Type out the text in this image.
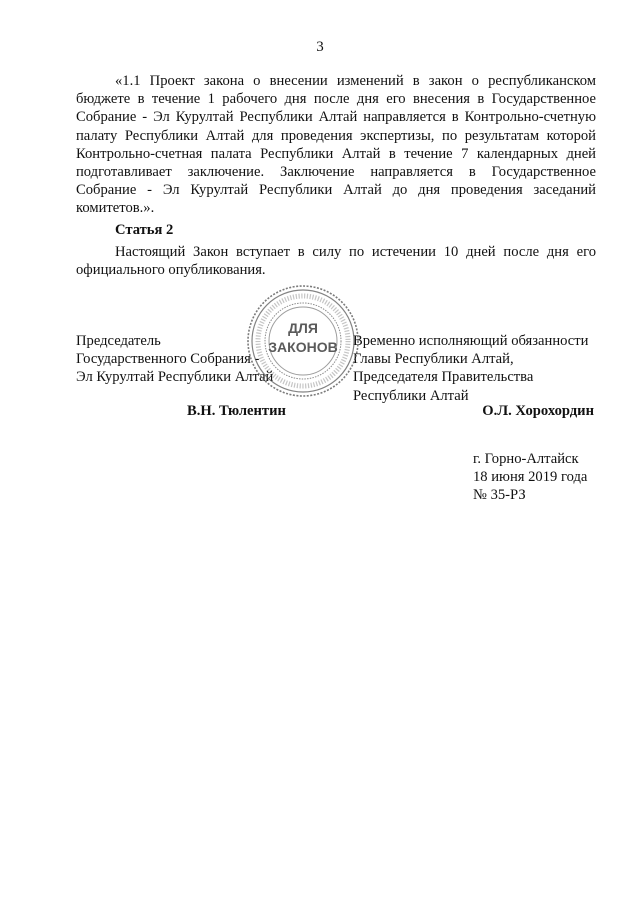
3

«1.1 Проект закона о внесении изменений в закон о республиканском бюджете в течение 1 рабочего дня после дня его внесения в Государственное Собрание - Эл Курултай Республики Алтай направляется в Контрольно-счетную палату Республики Алтай для проведения экспертизы, по результатам которой Контрольно-счетная палата Республики Алтай в течение 7 календарных дней подготавливает заключение. Заключение направляется в Государственное Собрание - Эл Курултай Республики Алтай до дня проведения заседаний комитетов.».

Статья 2

Настоящий Закон вступает в силу по истечении 10 дней после дня его официального опубликования.

Председатель
Государственного Собрания -
Эл Курултай Республики Алтай
Временно исполняющий обязанности
Главы Республики Алтай,
Председателя Правительства
Республики Алтай
ДЛЯ
ЗАКОНОВ
В.Н. Тюлентин	О.Л. Хорохордин
г. Горно-Алтайск
18 июня 2019 года
№ 35-РЗ
